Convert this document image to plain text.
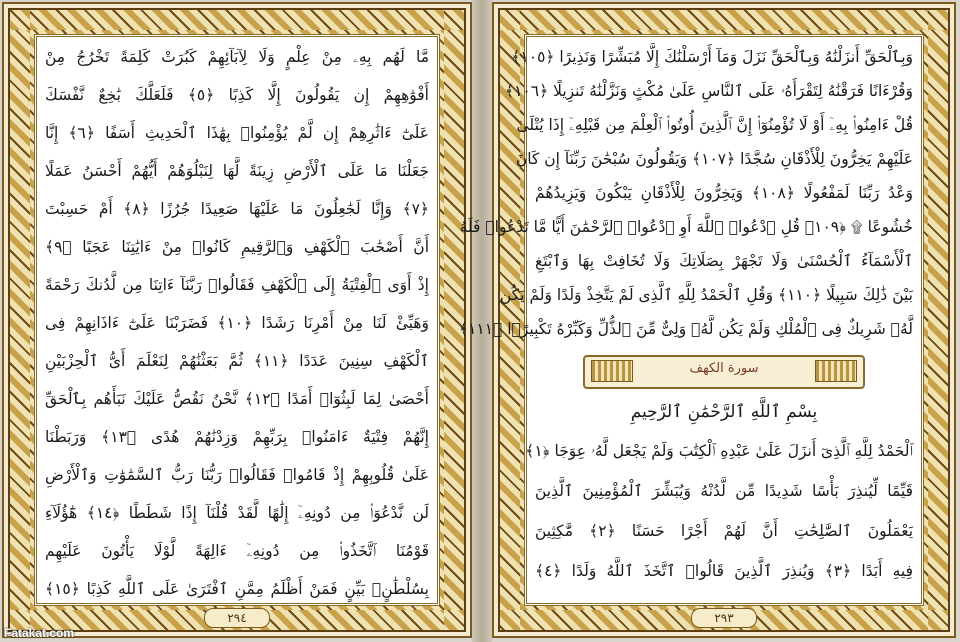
مَّا لَهُم بِهِۦ مِنْ عِلْمٍ وَلَا لِآبَآئِهِمْ كَبُرَتْ كَلِمَةً تَخْرُجُ مِنْ
أَفْوَٰهِهِمْ إِن يَقُولُونَ إِلَّا كَذِبًا ﴿٥﴾ فَلَعَلَّكَ بَٰخِعٌ نَّفْسَكَ
عَلَىٰٓ ءَاثَٰرِهِمْ إِن لَّمْ يُؤْمِنُوا۟ بِهَٰذَا ٱلْحَدِيثِ أَسَفًا ﴿٦﴾ إِنَّا
جَعَلْنَا مَا عَلَى ٱلْأَرْضِ زِينَةً لَّهَا لِنَبْلُوَهُمْ أَيُّهُمْ أَحْسَنُ عَمَلًا
﴿٧﴾ وَإِنَّا لَجَٰعِلُونَ مَا عَلَيْهَا صَعِيدًا جُرُزًا ﴿٨﴾ أَمْ حَسِبْتَ
أَنَّ أَصْحَٰبَ ٱلْكَهْفِ وَٱلرَّقِيمِ كَانُوا۟ مِنْ ءَايَٰتِنَا عَجَبًا ﴿٩﴾
إِذْ أَوَى ٱلْفِتْيَةُ إِلَى ٱلْكَهْفِ فَقَالُوا۟ رَبَّنَآ ءَاتِنَا مِن لَّدُنكَ رَحْمَةً
وَهَيِّئْ لَنَا مِنْ أَمْرِنَا رَشَدًا ﴿١٠﴾ فَضَرَبْنَا عَلَىٰٓ ءَاذَانِهِمْ فِى
ٱلْكَهْفِ سِنِينَ عَدَدًا ﴿١١﴾ ثُمَّ بَعَثْنَٰهُمْ لِنَعْلَمَ أَىُّ ٱلْحِزْبَيْنِ
أَحْصَىٰ لِمَا لَبِثُوٓا۟ أَمَدًا ﴿١٢﴾ نَّحْنُ نَقُصُّ عَلَيْكَ نَبَأَهُم بِٱلْحَقِّ
إِنَّهُمْ فِتْيَةٌ ءَامَنُوا۟ بِرَبِّهِمْ وَزِدْنَٰهُمْ هُدًى ﴿١٣﴾ وَرَبَطْنَا
عَلَىٰ قُلُوبِهِمْ إِذْ قَامُوا۟ فَقَالُوا۟ رَبُّنَا رَبُّ ٱلسَّمَٰوَٰتِ وَٱلْأَرْضِ
لَن نَّدْعُوَا۟ مِن دُونِهِۦٓ إِلَٰهًا لَّقَدْ قُلْنَآ إِذًا شَطَطًا ﴿١٤﴾ هَٰٓؤُلَآءِ
قَوْمُنَا ٱتَّخَذُوا۟ مِن دُونِهِۦٓ ءَالِهَةً لَّوْلَا يَأْتُونَ عَلَيْهِم
بِسُلْطَٰنٍۭ بَيِّنٍ فَمَنْ أَظْلَمُ مِمَّنِ ٱفْتَرَىٰ عَلَى ٱللَّهِ كَذِبًا ﴿١٥﴾
٢٩٤
وَبِٱلْحَقِّ أَنزَلْنَٰهُ وَبِٱلْحَقِّ نَزَلَ وَمَآ أَرْسَلْنَٰكَ إِلَّا مُبَشِّرًا وَنَذِيرًا ﴿١٠٥﴾
وَقُرْءَانًا فَرَقْنَٰهُ لِتَقْرَأَهُۥ عَلَى ٱلنَّاسِ عَلَىٰ مُكْثٍ وَنَزَّلْنَٰهُ تَنزِيلًا ﴿١٠٦﴾
قُلْ ءَامِنُوا۟ بِهِۦٓ أَوْ لَا تُؤْمِنُوٓا۟ إِنَّ ٱلَّذِينَ أُوتُوا۟ ٱلْعِلْمَ مِن قَبْلِهِۦٓ إِذَا يُتْلَىٰ
عَلَيْهِمْ يَخِرُّونَ لِلْأَذْقَانِ سُجَّدًا ﴿١٠٧﴾ وَيَقُولُونَ سُبْحَٰنَ رَبِّنَآ إِن كَانَ
وَعْدُ رَبِّنَا لَمَفْعُولًا ﴿١٠٨﴾ وَيَخِرُّونَ لِلْأَذْقَانِ يَبْكُونَ وَيَزِيدُهُمْ
خُشُوعًا ۩ ﴿١٠٩﴾ قُلِ ٱدْعُوا۟ ٱللَّهَ أَوِ ٱدْعُوا۟ ٱلرَّحْمَٰنَ أَيًّا مَّا تَدْعُوا۟ فَلَهُ
ٱلْأَسْمَآءُ ٱلْحُسْنَىٰ وَلَا تَجْهَرْ بِصَلَاتِكَ وَلَا تُخَافِتْ بِهَا وَٱبْتَغِ
بَيْنَ ذَٰلِكَ سَبِيلًا ﴿١١٠﴾ وَقُلِ ٱلْحَمْدُ لِلَّهِ ٱلَّذِى لَمْ يَتَّخِذْ وَلَدًا وَلَمْ يَكُن
لَّهُۥ شَرِيكٌ فِى ٱلْمُلْكِ وَلَمْ يَكُن لَّهُۥ وَلِىٌّ مِّنَ ٱلذُّلِّ وَكَبِّرْهُ تَكْبِيرًۢا ﴿١١١﴾
سورة الكهف
بِسْمِ ٱللَّهِ ٱلرَّحْمَٰنِ ٱلرَّحِيمِ
ٱلْحَمْدُ لِلَّهِ ٱلَّذِىٓ أَنزَلَ عَلَىٰ عَبْدِهِ ٱلْكِتَٰبَ وَلَمْ يَجْعَل لَّهُۥ عِوَجَا ﴿١﴾
قَيِّمًا لِّيُنذِرَ بَأْسًا شَدِيدًا مِّن لَّدُنْهُ وَيُبَشِّرَ ٱلْمُؤْمِنِينَ ٱلَّذِينَ
يَعْمَلُونَ ٱلصَّٰلِحَٰتِ أَنَّ لَهُمْ أَجْرًا حَسَنًا ﴿٢﴾ مَّٰكِثِينَ
فِيهِ أَبَدًا ﴿٣﴾ وَيُنذِرَ ٱلَّذِينَ قَالُوا۟ ٱتَّخَذَ ٱللَّهُ وَلَدًا ﴿٤﴾
٢٩٣
Fatakat.com
